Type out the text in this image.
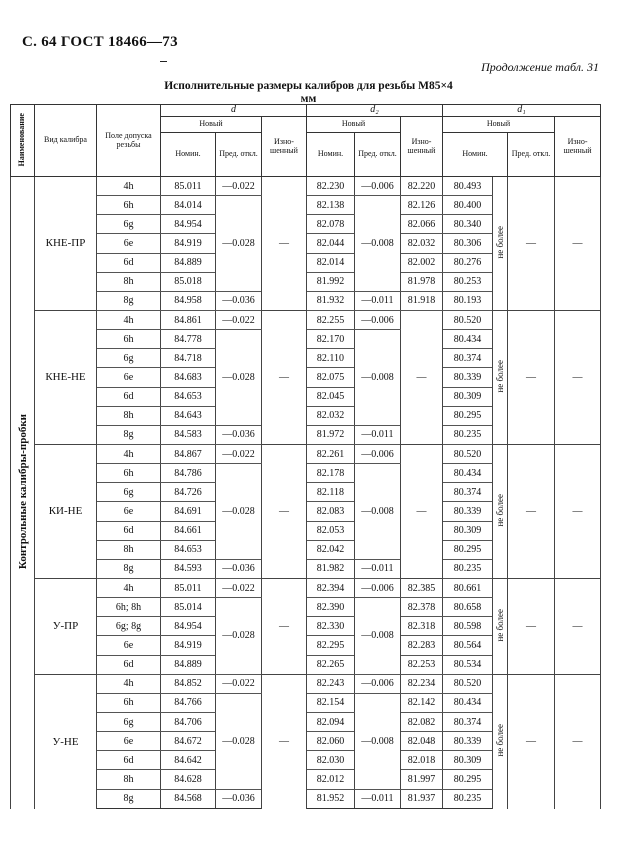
С. 64 ГОСТ 18466—73
Продолжение табл. 31
Исполнительные размеры калибров для резьбы М85×4
мм
Наименование	Вид калибра	Поле допуска резьбы	d			d₂			d₁			
			Новый		Изно-шенный	Новый		Изно-шенный	Новый			Изно-шенный
			Номин.	Пред. откл.		Номин.	Пред. откл.		Номин.		Пред. откл.	
Контрольные калибры-пробки	КНЕ-ПР	4h	85.011	—0.022	—	82.230	—0.006	82.220	80.493	не более	—	—
		6h	84.014	—0.028		82.138	—0.008	82.126	80.400			
		6g	84.954			82.078		82.066	80.340			
		6e	84.919			82.044		82.032	80.306			
		6d	84.889			82.014		82.002	80.276			
		8h	85.018			81.992		81.978	80.253			
		8g	84.958	—0.036		81.932	—0.011	81.918	80.193			
	КНЕ-НЕ	4h	84.861	—0.022	—	82.255	—0.006	—	80.520	не более	—	—
		6h	84.778	—0.028		82.170	—0.008		80.434			
		6g	84.718			82.110			80.374			
		6e	84.683			82.075			80.339			
		6d	84.653			82.045			80.309			
		8h	84.643			82.032			80.295			
		8g	84.583	—0.036		81.972	—0.011		80.235			
	КИ-НЕ	4h	84.867	—0.022	—	82.261	—0.006	—	80.520	не более	—	—
		6h	84.786	—0.028		82.178	—0.008		80.434			
		6g	84.726			82.118			80.374			
		6e	84.691			82.083			80.339			
		6d	84.661			82.053			80.309			
		8h	84.653			82.042			80.295			
		8g	84.593	—0.036		81.982	—0.011		80.235			
	У-ПР	4h	85.011	—0.022	—	82.394	—0.006	82.385	80.661	не более	—	—
		6h; 8h	85.014	—0.028		82.390	—0.008	82.378	80.658			
		6g; 8g	84.954			82.330		82.318	80.598			
		6e	84.919			82.295		82.283	80.564			
		6d	84.889			82.265		82.253	80.534			
	У-НЕ	4h	84.852	—0.022	—	82.243	—0.006	82.234	80.520	не более	—	—
		6h	84.766	—0.028		82.154	—0.008	82.142	80.434			
		6g	84.706			82.094		82.082	80.374			
		6e	84.672			82.060		82.048	80.339			
		6d	84.642			82.030		82.018	80.309			
		8h	84.628			82.012		81.997	80.295			
		8g	84.568	—0.036		81.952	—0.011	81.937	80.235			
